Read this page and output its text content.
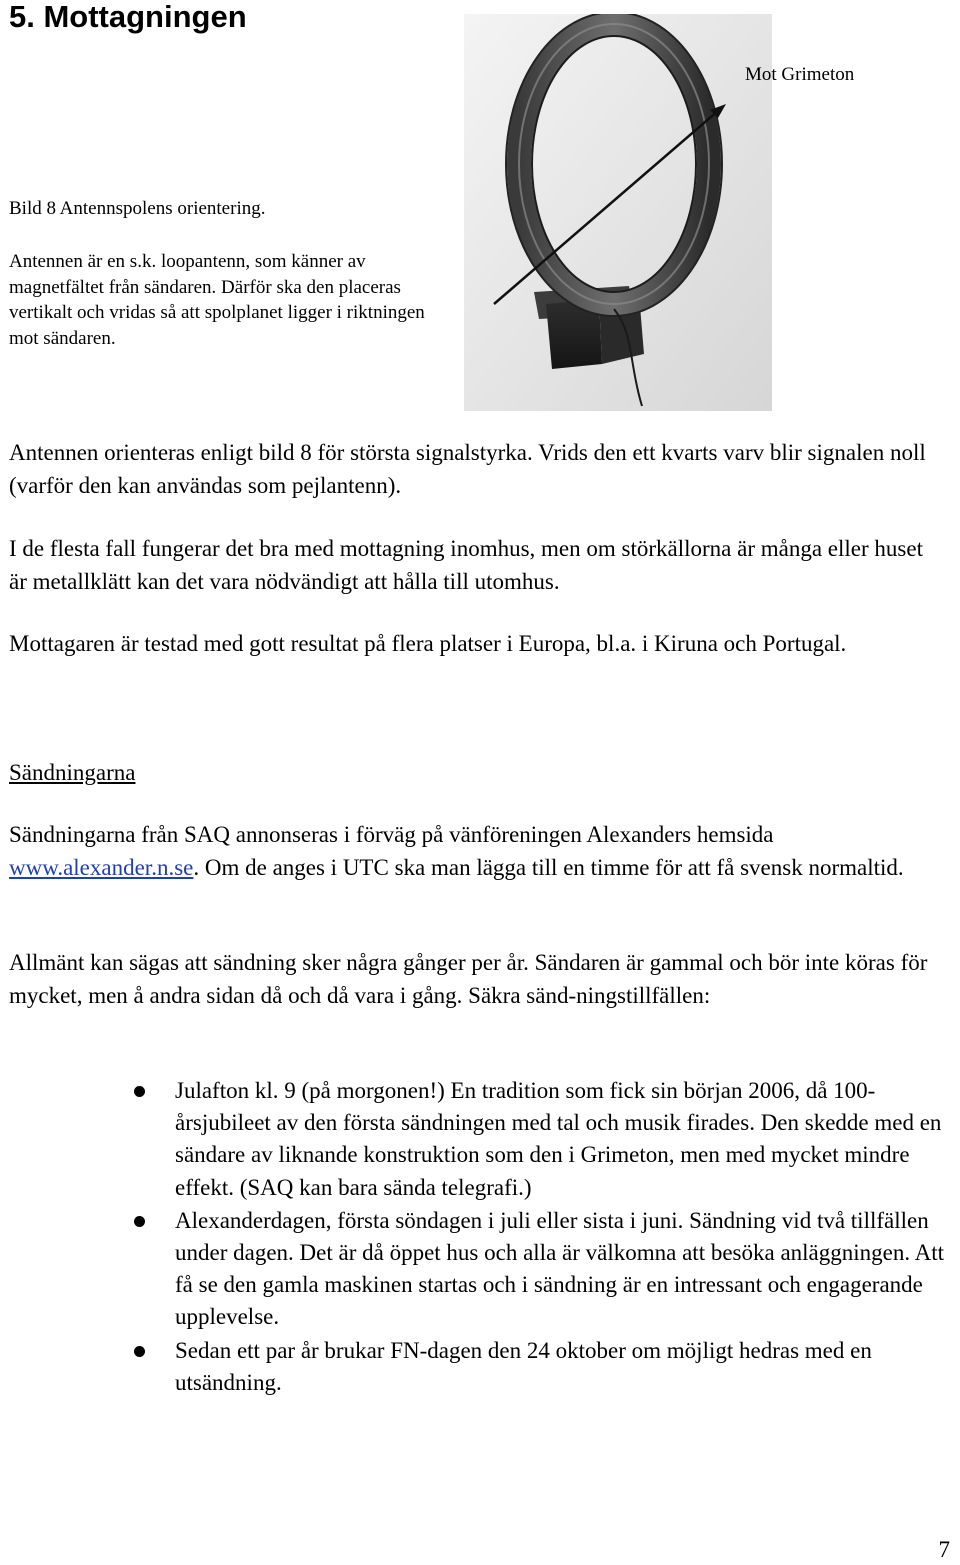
5. Mottagningen
Mot Grimeton
Bild 8 Antennspolens orientering.

Antennen är en s.k. loopantenn, som känner av magnetfältet från sändaren. Därför ska den placeras vertikalt och vridas så att spolplanet ligger i riktningen mot sändaren.

Antennen orienteras enligt bild 8 för största signalstyrka. Vrids den ett kvarts varv blir signalen noll (varför den kan användas som pejlantenn).

I de flesta fall fungerar det bra med mottagning inomhus, men om störkällorna är många eller huset är metallklätt kan det vara nödvändigt att hålla till utomhus.

Mottagaren är testad med gott resultat på flera platser i Europa, bl.a. i Kiruna och Portugal.

Sändningarna

Sändningarna från SAQ annonseras i förväg på vänföreningen Alexanders hemsida www.alexander.n.se. Om de anges i UTC ska man lägga till en timme för att få svensk normaltid.

Allmänt kan sägas att sändning sker några gånger per år. Sändaren är gammal och bör inte köras för mycket, men å andra sidan då och då vara i gång. Säkra sänd-ningstillfällen:

Julafton kl. 9 (på morgonen!) En tradition som fick sin början 2006, då 100-årsjubileet av den första sändningen med tal och musik firades. Den skedde med en sändare av liknande konstruktion som den i Grimeton, men med mycket mindre effekt. (SAQ kan bara sända telegrafi.)
Alexanderdagen, första söndagen i juli eller sista i juni. Sändning vid två tillfällen under dagen. Det är då öppet hus och alla är välkomna att besöka anläggningen. Att få se den gamla maskinen startas och i sändning är en intressant och engagerande upplevelse.
Sedan ett par år brukar FN-dagen den 24 oktober om möjligt hedras med en utsändning.
7
